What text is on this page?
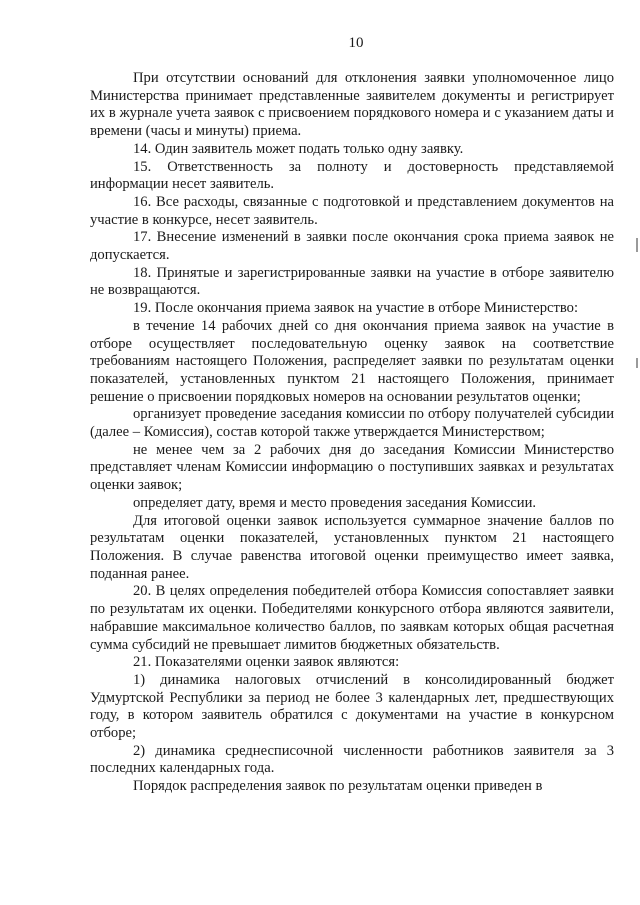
10

При отсутствии оснований для отклонения заявки уполномоченное лицо Министерства принимает представленные заявителем документы и регистрирует их в журнале учета заявок с присвоением порядкового номера и с указанием даты и времени (часы и минуты) приема.

14. Один заявитель может подать только одну заявку.

15. Ответственность за полноту и достоверность представляемой информации несет заявитель.

16. Все расходы, связанные с подготовкой и представлением документов на участие в конкурсе, несет заявитель.

17. Внесение изменений в заявки после окончания срока приема заявок не допускается.

18. Принятые и зарегистрированные заявки на участие в отборе заявителю не возвращаются.

19. После окончания приема заявок на участие в отборе Министерство:

в течение 14 рабочих дней со дня окончания приема заявок на участие в отборе осуществляет последовательную оценку заявок на соответствие требованиям настоящего Положения, распределяет заявки по результатам оценки показателей, установленных пунктом 21 настоящего Положения, принимает решение о присвоении порядковых номеров на основании результатов оценки;

организует проведение заседания комиссии по отбору получателей субсидии (далее – Комиссия), состав которой также утверждается Министерством;

не менее чем за 2 рабочих дня до заседания Комиссии Министерство представляет членам Комиссии информацию о поступивших заявках и результатах оценки заявок;

определяет дату, время и место проведения заседания Комиссии.

Для итоговой оценки заявок используется суммарное значение баллов по результатам оценки показателей, установленных пунктом 21 настоящего Положения. В случае равенства итоговой оценки преимущество имеет заявка, поданная ранее.

20. В целях определения победителей отбора Комиссия сопоставляет заявки по результатам их оценки. Победителями конкурсного отбора являются заявители, набравшие максимальное количество баллов, по заявкам которых общая расчетная сумма субсидий не превышает лимитов бюджетных обязательств.

21. Показателями оценки заявок являются:

1) динамика налоговых отчислений в консолидированный бюджет Удмуртской Республики за период не более 3 календарных лет, предшествующих году, в котором заявитель обратился с документами на участие в конкурсном отборе;

2) динамика среднесписочной численности работников заявителя за 3 последних календарных года.

Порядок распределения заявок по результатам оценки приведен в
